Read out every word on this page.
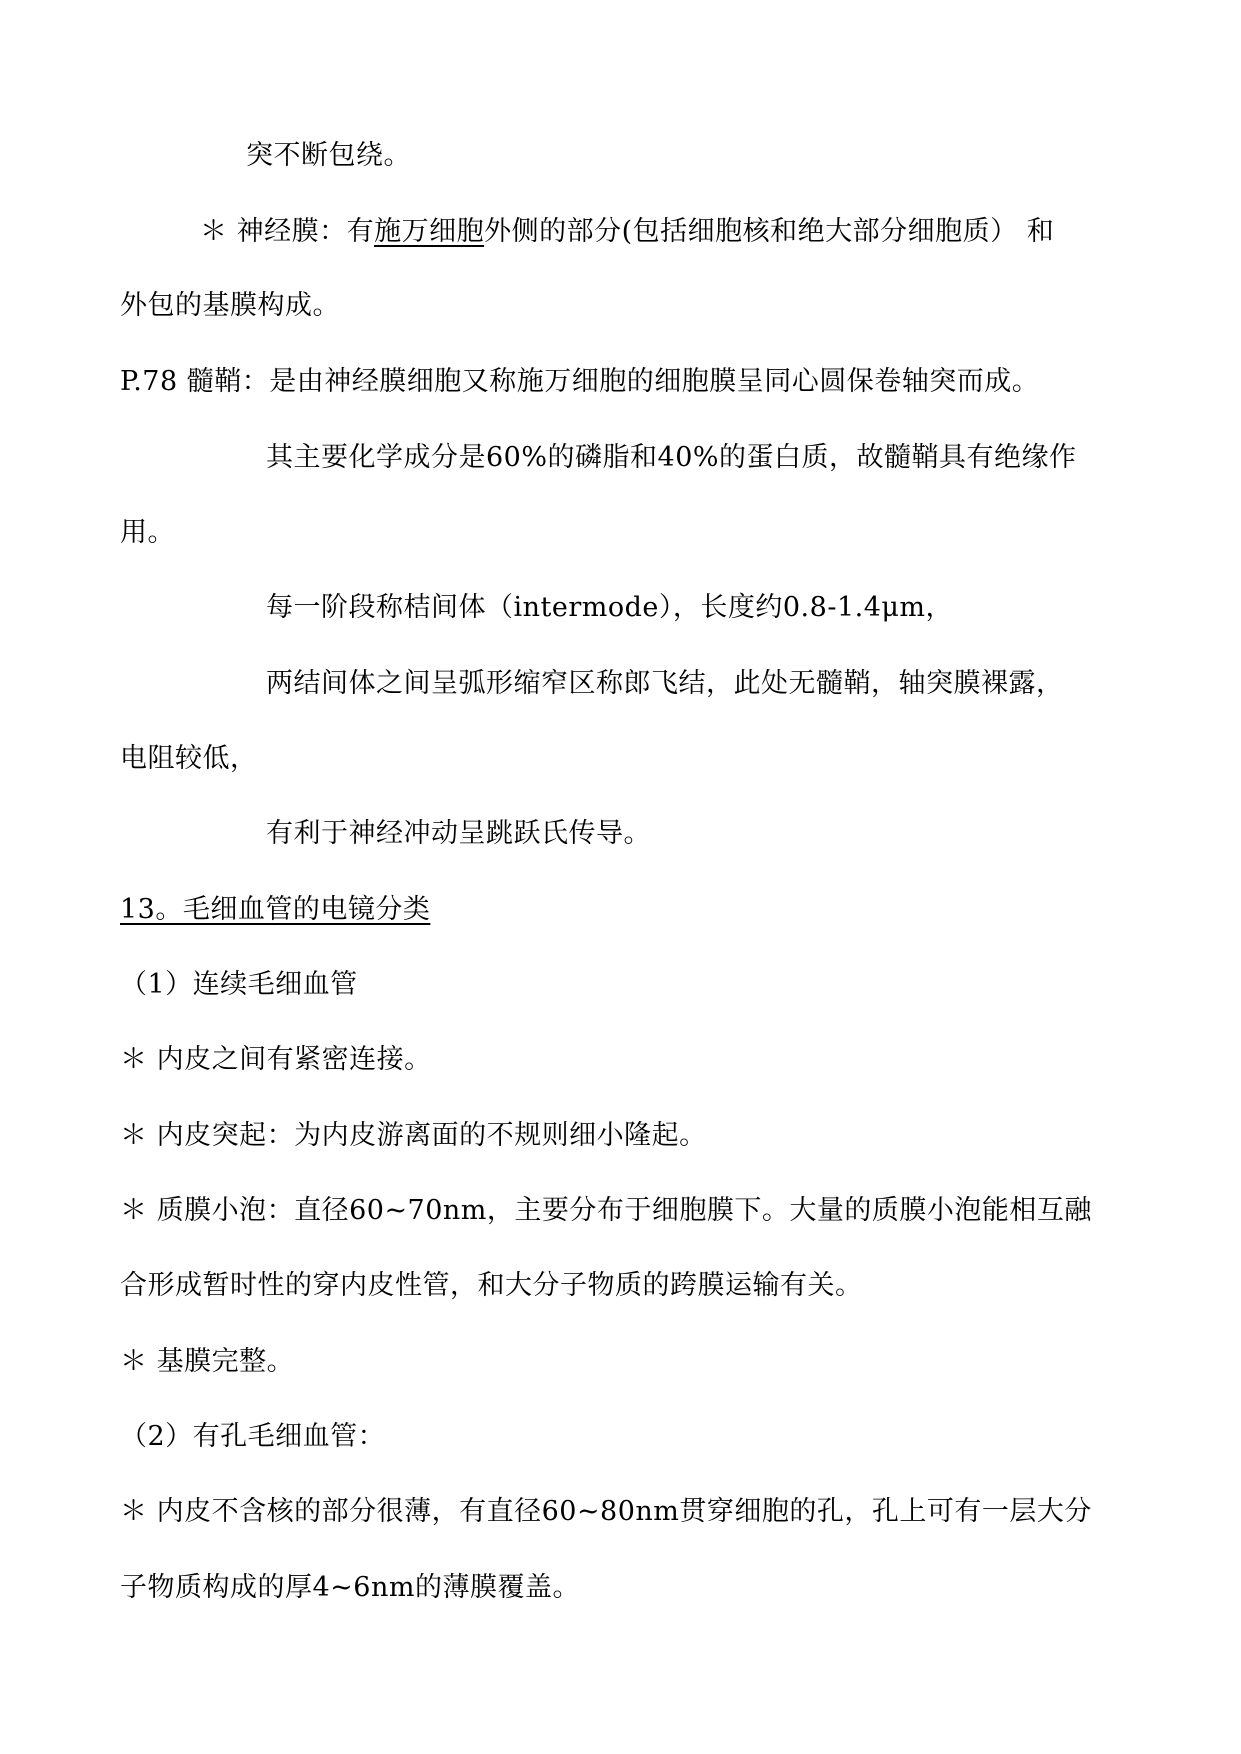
突不断包绕。
＊ 神经膜：有施万细胞外侧的部分(包括细胞核和绝大部分细胞质） 和
外包的基膜构成。
P.78 髓鞘：是由神经膜细胞又称施万细胞的细胞膜呈同心圆保卷轴突而成。
其主要化学成分是60%的磷脂和40%的蛋白质，故髓鞘具有绝缘作
用。
每一阶段称桔间体（intermode），长度约0.8-1.4μm，
两结间体之间呈弧形缩窄区称郎飞结，此处无髓鞘，轴突膜裸露，
电阻较低，
有利于神经冲动呈跳跃氏传导。
13。毛细血管的电镜分类
（1）连续毛细血管
＊ 内皮之间有紧密连接。
＊ 内皮突起：为内皮游离面的不规则细小隆起。
＊ 质膜小泡：直径60~70nm，主要分布于细胞膜下。大量的质膜小泡能相互融
合形成暂时性的穿内皮性管，和大分子物质的跨膜运输有关。
＊ 基膜完整。
（2）有孔毛细血管：
＊ 内皮不含核的部分很薄，有直径60~80nm贯穿细胞的孔，孔上可有一层大分
子物质构成的厚4~6nm的薄膜覆盖。
